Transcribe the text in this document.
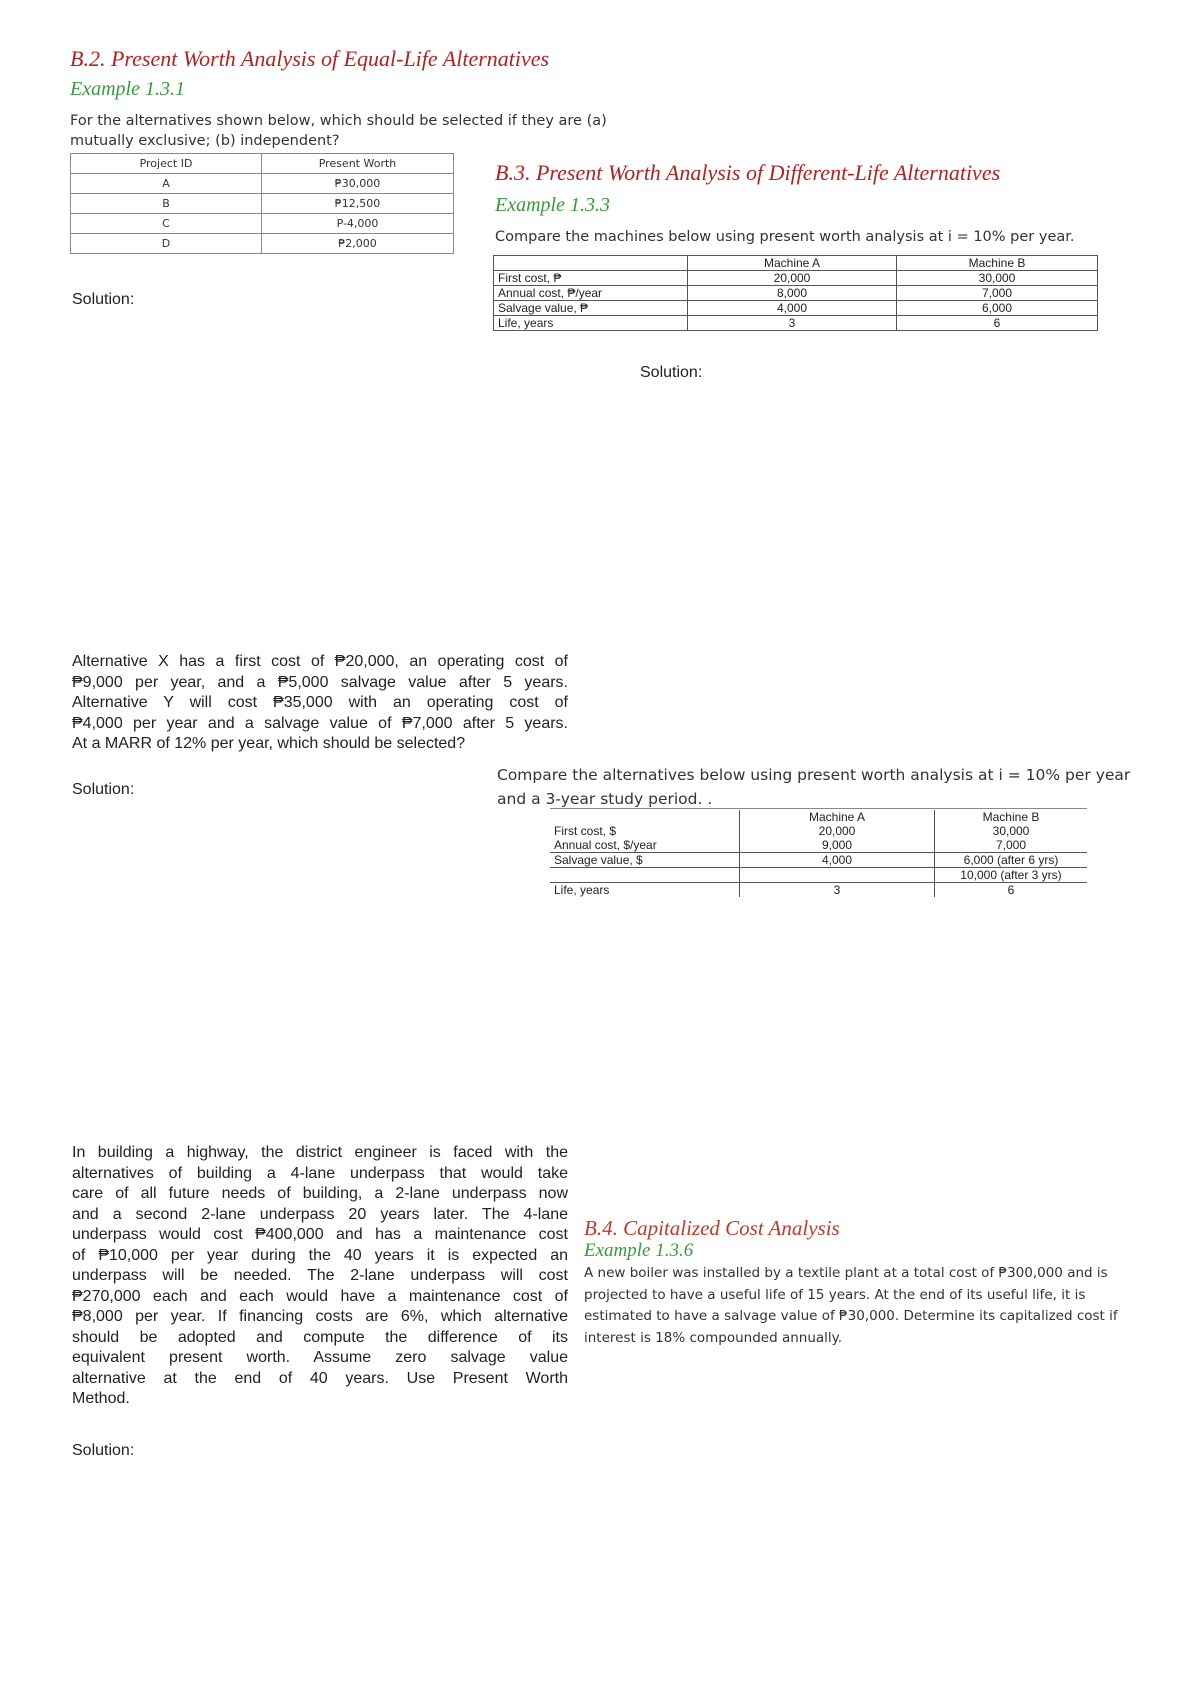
B.2. Present Worth Analysis of Equal-Life Alternatives
Example 1.3.1
For the alternatives shown below, which should be selected if they are (a)
mutually exclusive; (b) independent?
Project ID	Present Worth
A	₱30,000
B	₱12,500
C	P-4,000
D	₱2,000
Solution:
B.3. Present Worth Analysis of Different-Life Alternatives
Example 1.3.3
Compare the machines below using present worth analysis at i = 10% per year.
	Machine A	Machine B
First cost, ₱	20,000	30,000
Annual cost, ₱/year	8,000	7,000
Salvage value, ₱	4,000	6,000
Life, years	3	6
Solution:
Alternative X has a first cost of ₱20,000, an operating cost of
₱9,000 per year, and a ₱5,000 salvage value after 5 years.
Alternative Y will cost ₱35,000 with an operating cost of
₱4,000 per year and a salvage value of ₱7,000 after 5 years.
At a MARR of 12% per year, which should be selected?
Solution:
Compare the alternatives below using present worth analysis at i = 10% per year
and a 3-year study period. .
	Machine A	Machine B
First cost, $	20,000	30,000
Annual cost, $/year	9,000	7,000
Salvage value, $	4,000	6,000 (after 6 yrs)
		10,000 (after 3 yrs)
Life, years	3	6
In building a highway, the district engineer is faced with the
alternatives of building a 4-lane underpass that would take
care of all future needs of building, a 2-lane underpass now
and a second 2-lane underpass 20 years later. The 4-lane
underpass would cost ₱400,000 and has a maintenance cost
of ₱10,000 per year during the 40 years it is expected an
underpass will be needed. The 2-lane underpass will cost
₱270,000 each and each would have a maintenance cost of
₱8,000 per year. If financing costs are 6%, which alternative
should be adopted and compute the difference of its
equivalent present worth. Assume zero salvage value
alternative at the end of 40 years. Use Present Worth
Method.
Solution:
B.4. Capitalized Cost Analysis
Example 1.3.6
A new boiler was installed by a textile plant at a total cost of ₱300,000 and is
projected to have a useful life of 15 years. At the end of its useful life, it is
estimated to have a salvage value of ₱30,000. Determine its capitalized cost if
interest is 18% compounded annually.
